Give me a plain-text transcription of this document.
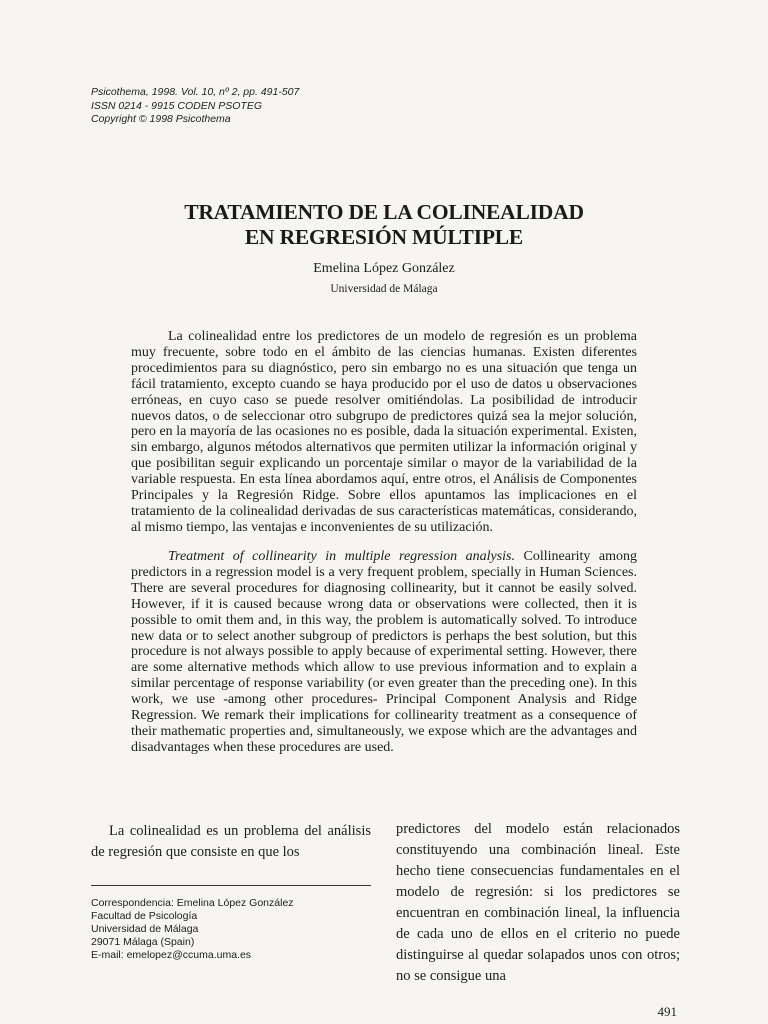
Psicothema, 1998. Vol. 10, nº 2, pp. 491-507
ISSN 0214 - 9915 CODEN PSOTEG
Copyright © 1998 Psicothema
TRATAMIENTO DE LA COLINEALIDAD
EN REGRESIÓN MÚLTIPLE
Emelina López González
Universidad de Málaga

La colinealidad entre los predictores de un modelo de regresión es un problema muy frecuente, sobre todo en el ámbito de las ciencias humanas. Existen diferentes procedimientos para su diagnóstico, pero sin embargo no es una situación que tenga un fácil tratamiento, excepto cuando se haya producido por el uso de datos u observaciones erróneas, en cuyo caso se puede resolver omitiéndolas. La posibilidad de introducir nuevos datos, o de seleccionar otro subgrupo de predictores quizá sea la mejor solución, pero en la mayoría de las ocasiones no es posible, dada la situación experimental. Existen, sin embargo, algunos métodos alternativos que permiten utilizar la información original y que posibilitan seguir explicando un porcentaje similar o mayor de la variabilidad de la variable respuesta. En esta línea abordamos aquí, entre otros, el Análisis de Componentes Principales y la Regresión Ridge. Sobre ellos apuntamos las implicaciones en el tratamiento de la colinealidad derivadas de sus características matemáticas, considerando, al mismo tiempo, las ventajas e inconvenientes de su utilización.

Treatment of collinearity in multiple regression analysis. Collinearity among predictors in a regression model is a very frequent problem, specially in Human Sciences. There are several procedures for diagnosing collinearity, but it cannot be easily solved. However, if it is caused because wrong data or observations were collected, then it is possible to omit them and, in this way, the problem is automatically solved. To introduce new data or to select another subgroup of predictors is perhaps the best solution, but this procedure is not always possible to apply because of experimental setting. However, there are some alternative methods which allow to use previous information and to explain a similar percentage of response variability (or even greater than the preceding one). In this work, we use -among other procedures- Principal Component Analysis and Ridge Regression. We remark their implications for collinearity treatment as a consequence of their mathematic properties and, simultaneously, we expose which are the advantages and disadvantages when these procedures are used.

La colinealidad es un problema del análisis de regresión que consiste en que los

Correspondencia: Emelina López González
Facultad de Psicología
Universidad de Málaga
29071 Málaga (Spain)
E-mail: emelopez@ccuma.uma.es

predictores del modelo están relacionados constituyendo una combinación lineal. Este hecho tiene consecuencias fundamentales en el modelo de regresión: si los predictores se encuentran en combinación lineal, la influencia de cada uno de ellos en el criterio no puede distinguirse al quedar solapados unos con otros; no se consigue una

491
